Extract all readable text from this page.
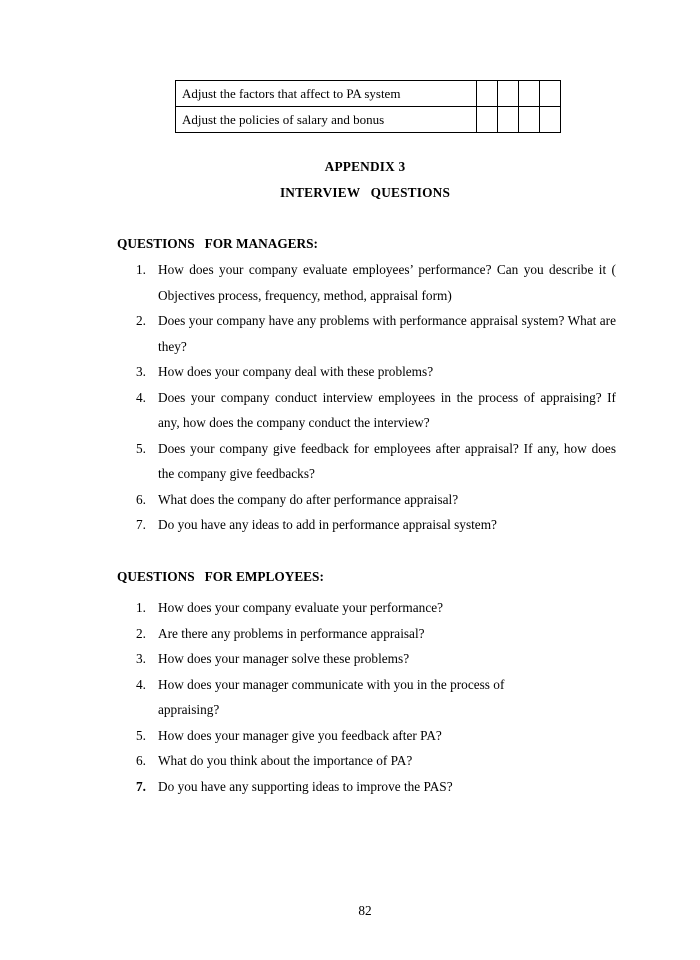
Adjust the factors that affect to PA system				
Adjust the policies of salary and bonus				
APPENDIX 3
INTERVIEW   QUESTIONS
QUESTIONS   FOR MANAGERS:
1. How does your company evaluate employees’ performance? Can you describe it ( Objectives process, frequency, method, appraisal form)
2. Does your company have any problems with performance appraisal system? What are they?
3. How does your company deal with these problems?
4. Does your company conduct interview employees in the process of appraising? If any, how does the company conduct the interview?
5. Does your company give feedback for employees after appraisal? If any, how does the company give feedbacks?
6. What does the company do after performance appraisal?
7. Do you have any ideas to add in performance appraisal system?
QUESTIONS   FOR EMPLOYEES:
1. How does your company evaluate your performance?
2. Are there any problems in performance appraisal?
3. How does your manager solve these problems?
4. How does your manager communicate with you in the process of appraising?
5. How does your manager give you feedback after PA?
6. What do you think about the importance of PA?
7. Do you have any supporting ideas to improve the PAS?
82
